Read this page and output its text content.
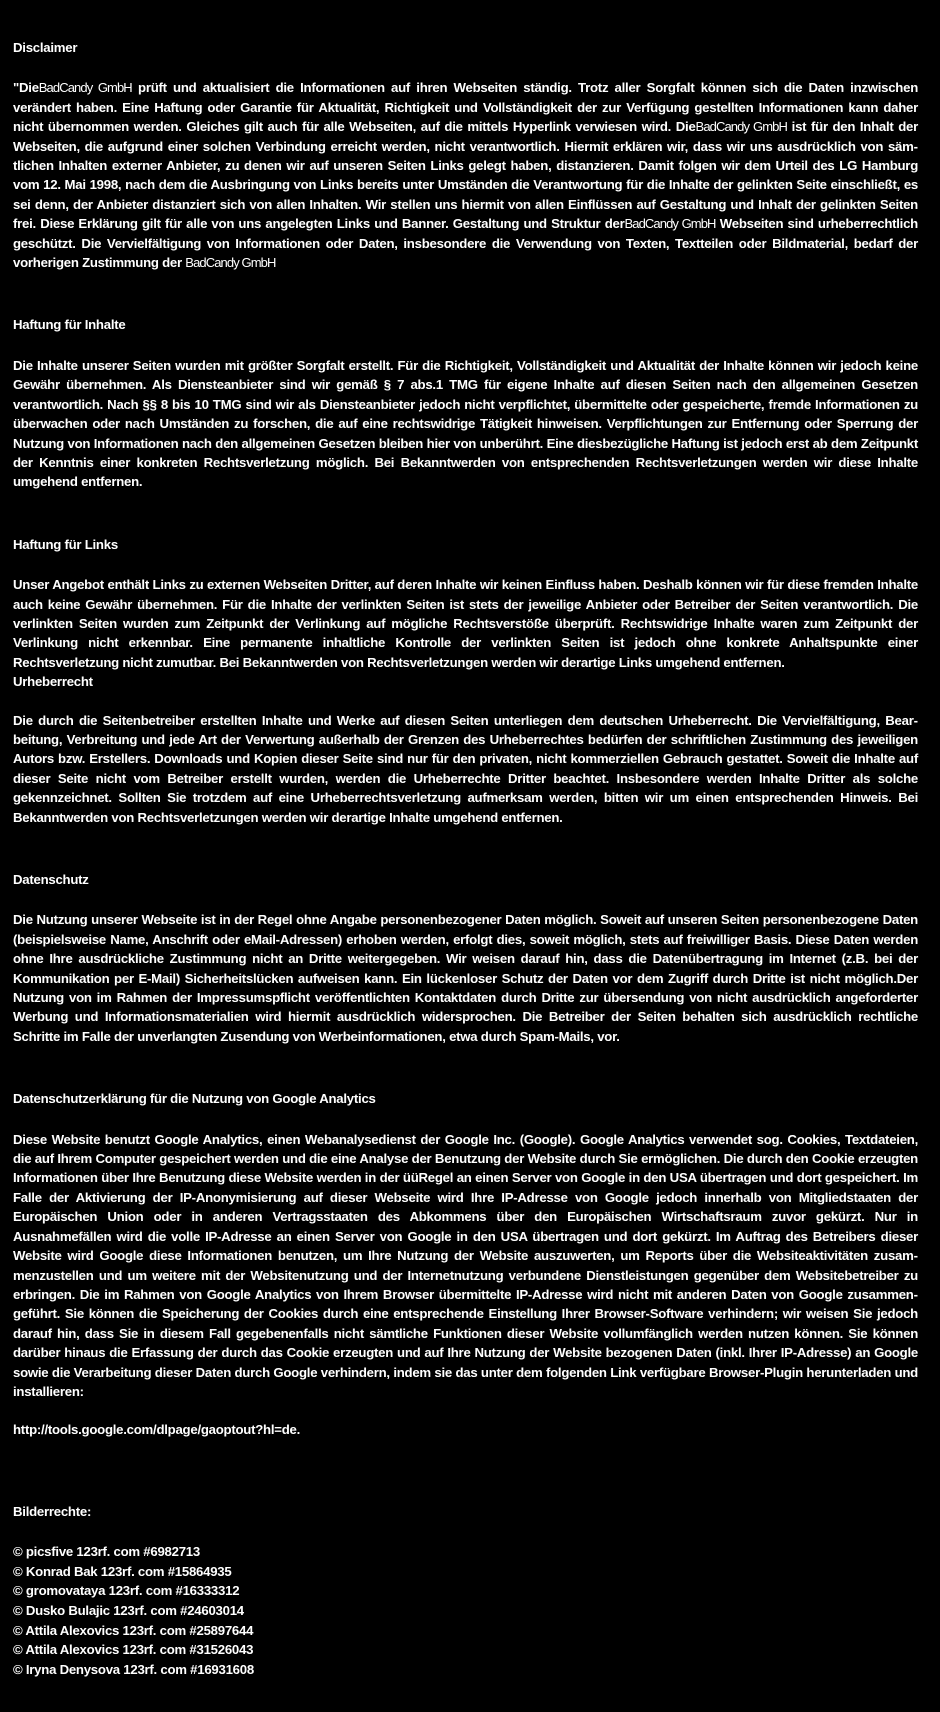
Disclaimer

"DieBadCandy GmbH prüft und aktualisiert die Informationen auf ihren Webseiten ständig. Trotz aller Sorgfalt können sich die Daten inzwischen verändert haben. Eine Haftung oder Garantie für Aktualität, Richtigkeit und Vollständigkeit der zur Verfügung gestellten Informationen kann daher nicht übernommen werden. Gleiches gilt auch für alle Webseiten, auf die mittels Hyperlink verwiesen wird. DieBadCandy GmbH ist für den Inhalt der Webseiten, die aufgrund einer solchen Verbindung erreicht werden, nicht verantwortlich. Hiermit erklären wir, dass wir uns ausdrücklich von sämtlichen Inhalten externer Anbieter, zu denen wir auf unseren Seiten Links gelegt haben, distanzieren. Damit folgen wir dem Urteil des LG Hamburg vom 12. Mai 1998, nach dem die Ausbringung von Links bereits unter Umständen die Verantwortung für die Inhalte der gelinkten Seite einschließt, es sei denn, der Anbieter distanziert sich von allen Inhalten. Wir stellen uns hiermit von allen Einflüssen auf Gestaltung und Inhalt der gelinkten Seiten frei. Diese Erklärung gilt für alle von uns angelegten Links und Banner. Gestaltung und Struktur derBadCandy GmbH Webseiten sind urheberrechtlich geschützt. Die Vervielfältigung von Informationen oder Daten, insbesondere die Verwendung von Texten, Textteilen oder Bildmaterial, bedarf der vorherigen Zustimmung der BadCandy GmbH

Haftung für Inhalte

Die Inhalte unserer Seiten wurden mit größter Sorgfalt erstellt. Für die Richtigkeit, Vollständigkeit und Aktualität der Inhalte können wir jedoch keine Gewähr übernehmen. Als Diensteanbieter sind wir gemäß § 7 abs.1 TMG für eigene Inhalte auf diesen Seiten nach den allgemeinen Gesetzen verantwortlich. Nach §§ 8 bis 10 TMG sind wir als Diensteanbieter jedoch nicht verpflichtet, übermittelte oder gespeicherte, fremde Informationen zu überwachen oder nach Umständen zu forschen, die auf eine rechtswidrige Tätigkeit hinweisen. Verpflichtungen zur Entfernung oder Sperrung der Nutzung von Informationen nach den allgemeinen Gesetzen bleiben hier von unberührt. Eine diesbezügliche Haftung ist jedoch erst ab dem Zeitpunkt der Kenntnis einer konkreten Rechtsverletzung möglich. Bei Bekanntwerden von entsprechenden Rechtsverletzungen werden wir diese Inhalte umgehend entfernen.

Haftung für Links

Unser Angebot enthält Links zu externen Webseiten Dritter, auf deren Inhalte wir keinen Einfluss haben. Deshalb können wir für diese fremden Inhalte auch keine Gewähr übernehmen. Für die Inhalte der verlinkten Seiten ist stets der jeweilige Anbieter oder Betreiber der Seiten verantwortlich. Die verlinkten Seiten wurden zum Zeitpunkt der Verlinkung auf mögliche Rechtsverstöße überprüft. Rechtswidrige Inhalte waren zum Zeitpunkt der Verlinkung nicht erkennbar. Eine permanente inhaltliche Kontrolle der verlinkten Seiten ist jedoch ohne konkrete Anhaltspunkte einer Rechtsverletzung nicht zumutbar. Bei Bekanntwerden von Rechtsverletzungen werden wir derartige Links umgehend entfernen.

Urheberrecht

Die durch die Seitenbetreiber erstellten Inhalte und Werke auf diesen Seiten unterliegen dem deutschen Urheberrecht. Die Vervielfältigung, Bearbeitung, Verbreitung und jede Art der Verwertung außerhalb der Grenzen des Urheberrechtes bedürfen der schriftlichen Zustimmung des jeweiligen Autors bzw. Erstellers. Downloads und Kopien dieser Seite sind nur für den privaten, nicht kommerziellen Gebrauch gestattet. Soweit die Inhalte auf dieser Seite nicht vom Betreiber erstellt wurden, werden die Urheberrechte Dritter beachtet. Insbesondere werden Inhalte Dritter als solche gekennzeichnet. Sollten Sie trotzdem auf eine Urheberrechtsverletzung aufmerksam werden, bitten wir um einen entsprechenden Hinweis. Bei Bekanntwerden von Rechtsverletzungen werden wir derartige Inhalte umgehend entfernen.

Datenschutz

Die Nutzung unserer Webseite ist in der Regel ohne Angabe personenbezogener Daten möglich. Soweit auf unseren Seiten personenbezogene Daten (beispielsweise Name, Anschrift oder eMail-Adressen) erhoben werden, erfolgt dies, soweit möglich, stets auf freiwilliger Basis. Diese Daten werden ohne Ihre ausdrückliche Zustimmung nicht an Dritte weitergegeben. Wir weisen darauf hin, dass die Datenübertragung im Internet (z.B. bei der Kommunikation per E-Mail) Sicherheitslücken aufweisen kann. Ein lückenloser Schutz der Daten vor dem Zugriff durch Dritte ist nicht möglich.Der Nutzung von im Rahmen der Impressumspflicht veröffentlichten Kontaktdaten durch Dritte zur übersendung von nicht ausdrücklich angeforderter Werbung und Informationsmaterialien wird hiermit ausdrücklich widersprochen. Die Betreiber der Seiten behalten sich ausdrücklich rechtliche Schritte im Falle der unverlangten Zusendung von Werbeinformationen, etwa durch Spam-Mails, vor.

Datenschutzerklärung für die Nutzung von Google Analytics

Diese Website benutzt Google Analytics, einen Webanalysedienst der Google Inc. (Google). Google Analytics verwendet sog. Cookies, Textdateien, die auf Ihrem Computer gespeichert werden und die eine Analyse der Benutzung der Website durch Sie ermöglichen. Die durch den Cookie erzeugten Informationen über Ihre Benutzung diese Website werden in der üüRegel an einen Server von Google in den USA übertragen und dort gespeichert. Im Falle der Aktivierung der IP-Anonymisierung auf dieser Webseite wird Ihre IP-Adresse von Google jedoch innerhalb von Mitgliedstaaten der Europäischen Union oder in anderen Vertragsstaaten des Abkommens über den Europäischen Wirtschaftsraum zuvor gekürzt. Nur in Ausnahmefällen wird die volle IP-Adresse an einen Server von Google in den USA übertragen und dort gekürzt. Im Auftrag des Betreibers dieser Website wird Google diese Informationen benutzen, um Ihre Nutzung der Website auszuwerten, um Reports über die Websiteaktivitäten zusammenzustellen und um weitere mit der Websitenutzung und der Internetnutzung verbundene Dienstleistungen gegenüber dem Websitebetreiber zu erbringen. Die im Rahmen von Google Analytics von Ihrem Browser übermittelte IP-Adresse wird nicht mit anderen Daten von Google zusammengeführt. Sie können die Speicherung der Cookies durch eine entsprechende Einstellung Ihrer Browser-Software verhindern; wir weisen Sie jedoch darauf hin, dass Sie in diesem Fall gegebenenfalls nicht sämtliche Funktionen dieser Website vollumfänglich werden nutzen können. Sie können darüber hinaus die Erfassung der durch das Cookie erzeugten und auf Ihre Nutzung der Website bezogenen Daten (inkl. Ihrer IP-Adresse) an Google sowie die Verarbeitung dieser Daten durch Google verhindern, indem sie das unter dem folgenden Link verfügbare Browser-Plugin herunterladen und installieren:

http://tools.google.com/dlpage/gaoptout?hl=de.

Bilderrechte:
© picsfive 123rf. com #6982713
© Konrad Bak 123rf. com #15864935
© gromovataya 123rf. com #16333312
© Dusko Bulajic 123rf. com #24603014
© Attila Alexovics 123rf. com #25897644
© Attila Alexovics 123rf. com #31526043
© Iryna Denysova 123rf. com #16931608
